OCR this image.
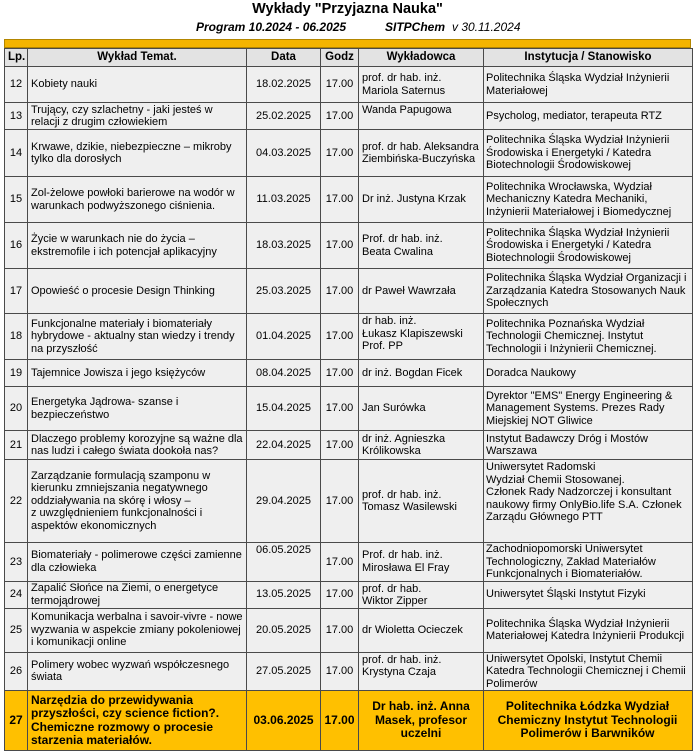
Wykłady "Przyjazna Nauka"
Program 10.2024 - 06.2025	SITPChem v 30.11.2024
Lp.	Wykład Temat.	Data	Godz	Wykładowca	Instytucja / Stanowisko
12	Kobiety nauki	18.02.2025	17.00	prof. dr hab. inż. Mariola Saternus	Politechnika Śląska Wydział Inżynierii Materiałowej
13	Trujący, czy szlachetny - jaki jesteś w relacji z drugim człowiekiem	25.02.2025	17.00	Wanda Papugowa	Psycholog, mediator, terapeuta RTZ
14	Krwawe, dzikie, niebezpieczne – mikroby tylko dla dorosłych	04.03.2025	17.00	prof. dr hab. Aleksandra Ziembińska-Buczyńska	Politechnika Śląska Wydział Inżynierii Środowiska i Energetyki / Katedra Biotechnologii Środowiskowej
15	Zol-żelowe powłoki barierowe na wodór w warunkach podwyższonego ciśnienia.	11.03.2025	17.00	Dr inż. Justyna Krzak	Politechnika Wrocławska, Wydział Mechaniczny Katedra Mechaniki, Inżynierii Materiałowej i Biomedycznej
16	Życie w warunkach nie do życia – ekstremofile i ich potencjał aplikacyjny	18.03.2025	17.00	Prof. dr hab. inż.
Beata Cwalina	Politechnika Śląska Wydział Inżynierii Środowiska i Energetyki / Katedra Biotechnologii Środowiskowej
17	Opowieść o procesie Design Thinking	25.03.2025	17.00	dr Paweł Wawrzała	Politechnika Śląska Wydział Organizacji i Zarządzania Katedra Stosowanych Nauk Społecznych
18	Funkcjonalne materiały i biomateriały hybrydowe - aktualny stan wiedzy i trendy na przyszłość	01.04.2025	17.00	dr hab. inż.
Łukasz Klapiszewski
Prof. PP	Politechnika Poznańska Wydział Technologii Chemicznej. Instytut Technologii i Inżynierii Chemicznej.
19	Tajemnice Jowisza i jego księżyców	08.04.2025	17.00	dr inż. Bogdan Ficek	Doradca Naukowy
20	Energetyka Jądrowa- szanse i bezpieczeństwo	15.04.2025	17.00	Jan Surówka	Dyrektor "EMS" Energy Engineering & Management Systems. Prezes Rady Miejskiej NOT Gliwice
21	Dlaczego problemy korozyjne są ważne dla nas ludzi i całego świata dookoła nas?	22.04.2025	17.00	dr inż. Agnieszka Królikowska	Instytut Badawczy Dróg i Mostów Warszawa
22	Zarządzanie formulacją szamponu w kierunku zmniejszania negatywnego oddziaływania na skórę i włosy –
z uwzględnieniem funkcjonalności i aspektów ekonomicznych	29.04.2025	17.00	prof. dr hab. inż.
Tomasz Wasilewski	Uniwersytet Radomski
Wydział Chemii Stosowanej.
Członek Rady Nadzorczej i konsultant naukowy firmy OnlyBio.life S.A. Członek Zarządu Głównego PTT
23	Biomateriały - polimerowe części zamienne dla człowieka	06.05.2025	17.00	Prof. dr hab. inż.
Mirosława El Fray	Zachodniopomorski Uniwersytet Technologiczny, Zakład Materiałów Funkcjonalnych i Biomateriałów.
24	Zapalić Słońce na Ziemi, o energetyce termojądrowej	13.05.2025	17.00	prof. dr hab.
Wiktor Zipper	Uniwersytet Śląski Instytut Fizyki
25	Komunikacja werbalna i savoir-vivre - nowe wyzwania w aspekcie zmiany pokoleniowej i komunikacji online	20.05.2025	17.00	dr Wioletta Ocieczek	Politechnika Śląska Wydział Inżynierii Materiałowej Katedra Inżynierii Produkcji
26	Polimery wobec wyzwań współczesnego świata	27.05.2025	17.00	prof. dr hab. inż.
Krystyna Czaja	Uniwersytet Opolski, Instytut Chemii Katedra Technologii Chemicznej i Chemii Polimerów
27	Narzędzia do przewidywania przyszłości, czy science fiction?.
Chemiczne rozmowy o procesie starzenia materiałów.	03.06.2025	17.00	Dr hab. inż. Anna Masek, profesor uczelni	Politechnika Łódzka Wydział Chemiczny Instytut Technologii Polimerów i Barwników
